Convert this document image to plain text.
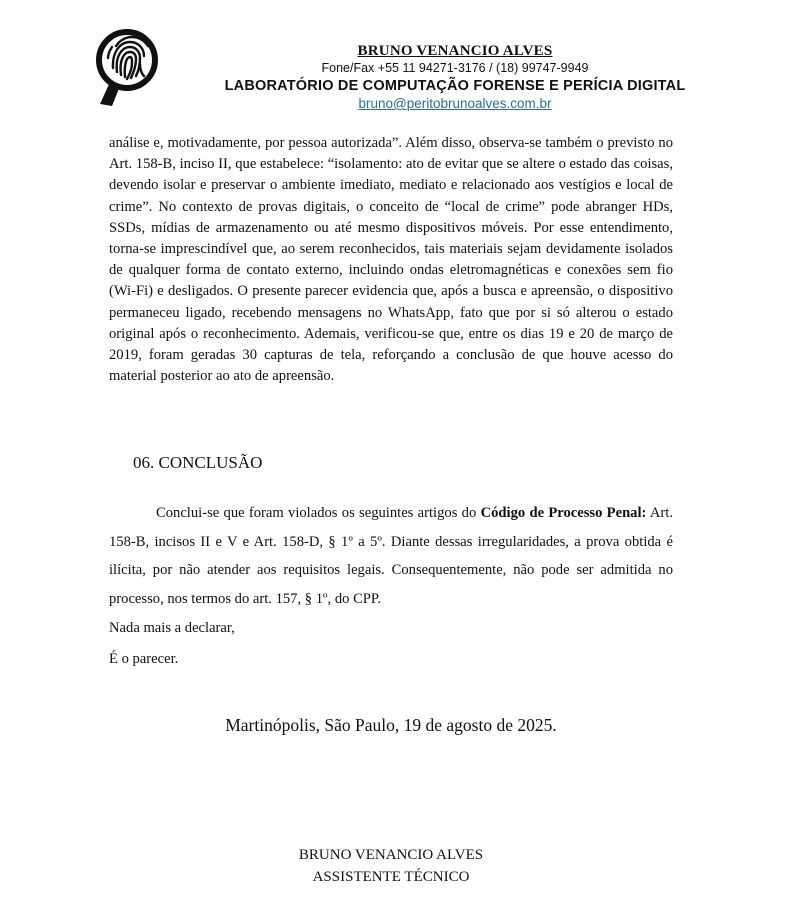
BRUNO VENANCIO ALVES
Fone/Fax +55 11 94271-3176 / (18) 99747-9949
LABORATÓRIO DE COMPUTAÇÃO FORENSE E PERÍCIA DIGITAL
bruno@peritobrunoalves.com.br

análise e, motivadamente, por pessoa autorizada”. Além disso, observa-se também o previsto no Art. 158-B, inciso II, que estabelece: “isolamento: ato de evitar que se altere o estado das coisas, devendo isolar e preservar o ambiente imediato, mediato e relacionado aos vestígios e local de crime”. No contexto de provas digitais, o conceito de “local de crime” pode abranger HDs, SSDs, mídias de armazenamento ou até mesmo dispositivos móveis. Por esse entendimento, torna-se imprescindível que, ao serem reconhecidos, tais materiais sejam devidamente isolados de qualquer forma de contato externo, incluindo ondas eletromagnéticas e conexões sem fio (Wi-Fi) e desligados. O presente parecer evidencia que, após a busca e apreensão, o dispositivo permaneceu ligado, recebendo mensagens no WhatsApp, fato que por si só alterou o estado original após o reconhecimento. Ademais, verificou-se que, entre os dias 19 e 20 de março de 2019, foram geradas 30 capturas de tela, reforçando a conclusão de que houve acesso do material posterior ao ato de apreensão.

06. CONCLUSÃO

Conclui-se que foram violados os seguintes artigos do Código de Processo Penal: Art. 158-B, incisos II e V e Art. 158-D, § 1º a 5º. Diante dessas irregularidades, a prova obtida é ilícita, por não atender aos requisitos legais. Consequentemente, não pode ser admitida no processo, nos termos do art. 157, § 1º, do CPP.

Nada mais a declarar,

É o parecer.

Martinópolis, São Paulo, 19 de agosto de 2025.

BRUNO VENANCIO ALVES

ASSISTENTE TÉCNICO
